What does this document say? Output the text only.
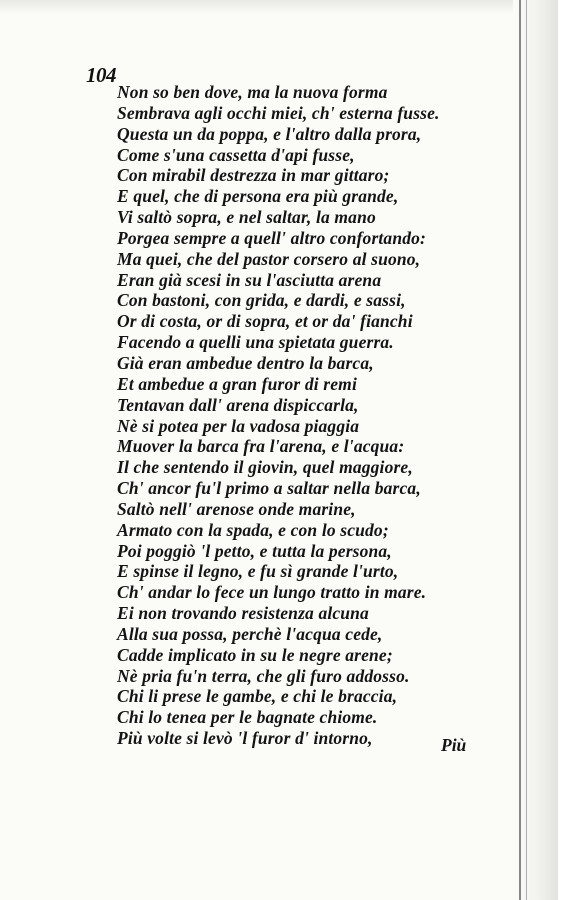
104
Non so ben dove, ma la nuova forma
Sembrava agli occhi miei, ch' esterna fusse.
Questa un da poppa, e l'altro dalla prora,
Come s'una cassetta d'api fusse,
Con mirabil destrezza in mar gittaro;
E quel, che di persona era più grande,
Vi saltò sopra, e nel saltar, la mano
Porgea sempre a quell' altro confortando:
Ma quei, che del pastor corsero al suono,
Eran già scesi in su l'asciutta arena
Con bastoni, con grida, e dardi, e sassi,
Or di costa, or di sopra, et or da' fianchi
Facendo a quelli una spietata guerra.
Già eran ambedue dentro la barca,
Et ambedue a gran furor di remi
Tentavan dall' arena dispiccarla,
Nè si potea per la vadosa piaggia
Muover la barca fra l'arena, e l'acqua:
Il che sentendo il giovin, quel maggiore,
Ch' ancor fu'l primo a saltar nella barca,
Saltò nell' arenose onde marine,
Armato con la spada, e con lo scudo;
Poi poggiò 'l petto, e tutta la persona,
E spinse il legno, e fu sì grande l'urto,
Ch' andar lo fece un lungo tratto in mare.
Ei non trovando resistenza alcuna
Alla sua possa, perchè l'acqua cede,
Cadde implicato in su le negre arene;
Nè pria fu'n terra, che gli furo addosso.
Chi li prese le gambe, e chi le braccia,
Chi lo tenea per le bagnate chiome.
Più volte si levò 'l furor d' intorno,	Più
